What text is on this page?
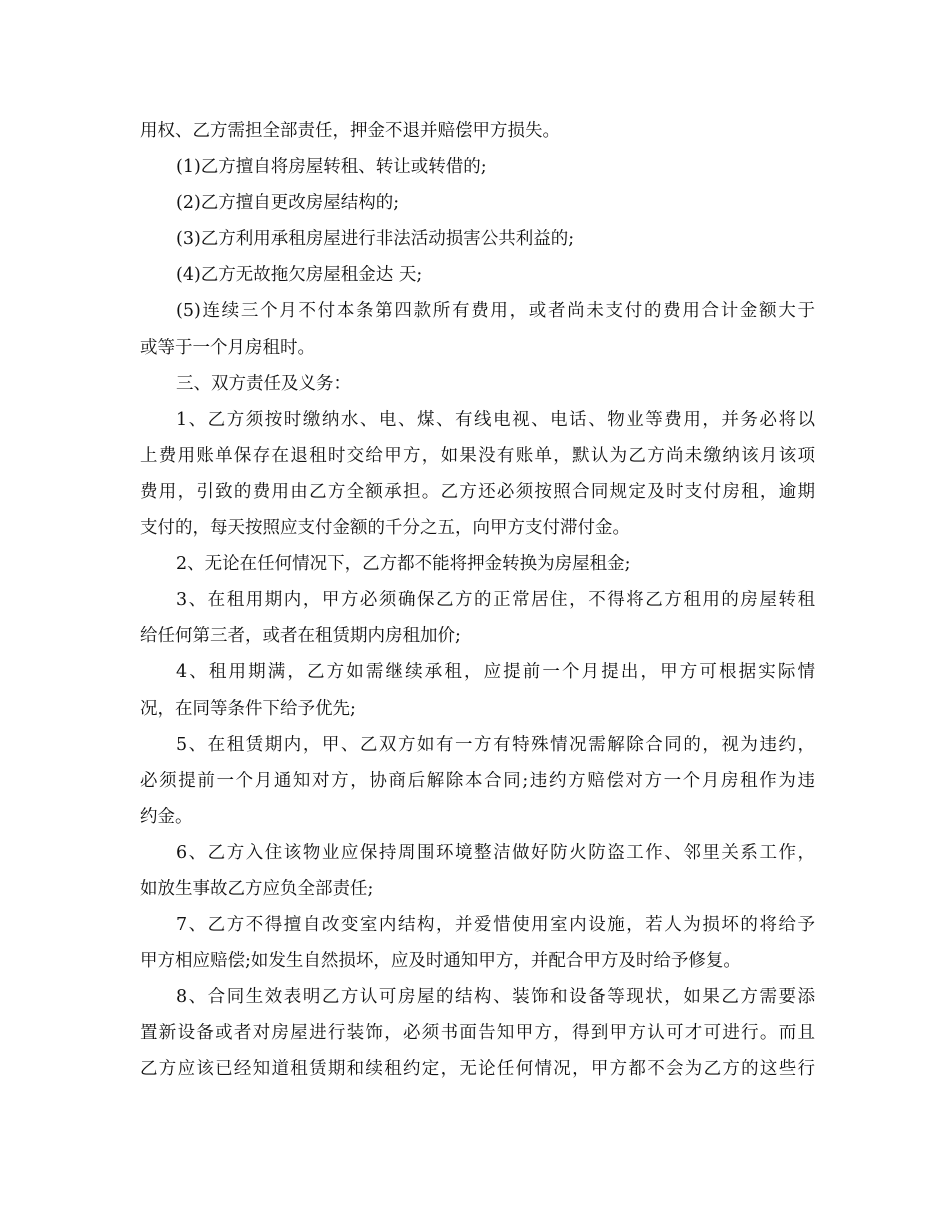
用权、乙方需担全部责任，押金不退并赔偿甲方损失。
(1)乙方擅自将房屋转租、转让或转借的;
(2)乙方擅自更改房屋结构的;
(3)乙方利用承租房屋进行非法活动损害公共利益的;
(4)乙方无故拖欠房屋租金达 天;
(5)连续三个月不付本条第四款所有费用，或者尚未支付的费用合计金额大于
或等于一个月房租时。
三、双方责任及义务：
1、乙方须按时缴纳水、电、煤、有线电视、电话、物业等费用，并务必将以
上费用账单保存在退租时交给甲方，如果没有账单，默认为乙方尚未缴纳该月该项
费用，引致的费用由乙方全额承担。乙方还必须按照合同规定及时支付房租，逾期
支付的，每天按照应支付金额的千分之五，向甲方支付滞付金。
2、无论在任何情况下，乙方都不能将押金转换为房屋租金;
3、在租用期内，甲方必须确保乙方的正常居住，不得将乙方租用的房屋转租
给任何第三者，或者在租赁期内房租加价;
4、租用期满，乙方如需继续承租，应提前一个月提出，甲方可根据实际情
况，在同等条件下给予优先;
5、在租赁期内，甲、乙双方如有一方有特殊情况需解除合同的，视为违约，
必须提前一个月通知对方，协商后解除本合同;违约方赔偿对方一个月房租作为违
约金。
6、乙方入住该物业应保持周围环境整洁做好防火防盗工作、邻里关系工作，
如放生事故乙方应负全部责任;
7、乙方不得擅自改变室内结构，并爱惜使用室内设施，若人为损坏的将给予
甲方相应赔偿;如发生自然损坏，应及时通知甲方，并配合甲方及时给予修复。
8、合同生效表明乙方认可房屋的结构、装饰和设备等现状，如果乙方需要添
置新设备或者对房屋进行装饰，必须书面告知甲方，得到甲方认可才可进行。而且
乙方应该已经知道租赁期和续租约定，无论任何情况，甲方都不会为乙方的这些行
